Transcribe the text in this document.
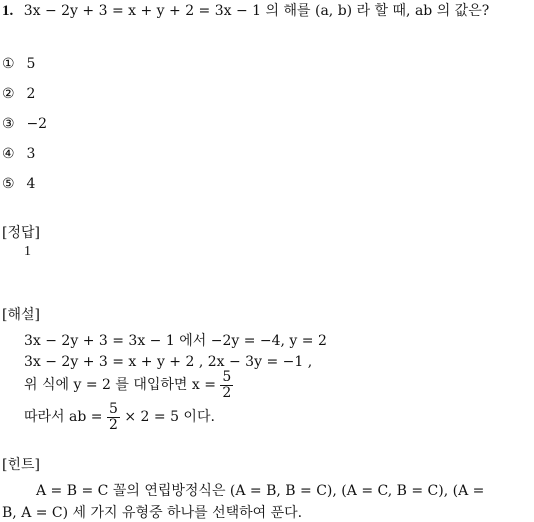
1. 3x − 2y + 3 = x + y + 2 = 3x − 1 의 해를 (a, b) 라 할 때, ab 의 값은?
① 5
② 2
③ −2
④ 3
⑤ 4
[정답]
1
[해설]
3x − 2y + 3 = 3x − 1 에서 −2y = −4, y = 2
3x − 2y + 3 = x + y + 2 , 2x − 3y = −1 ,
위 식에 y = 2 를 대입하면 $x = \frac{5}{2}$
따라서 ab = $\frac{5}{2} \times 2 = 5$ 이다.
[힌트]
A = B = C 꼴의 연립방정식은 (A = B, B = C), (A = C, B = C), (A =
B, A = C) 세 가지 유형중 하나를 선택하여 푼다.
